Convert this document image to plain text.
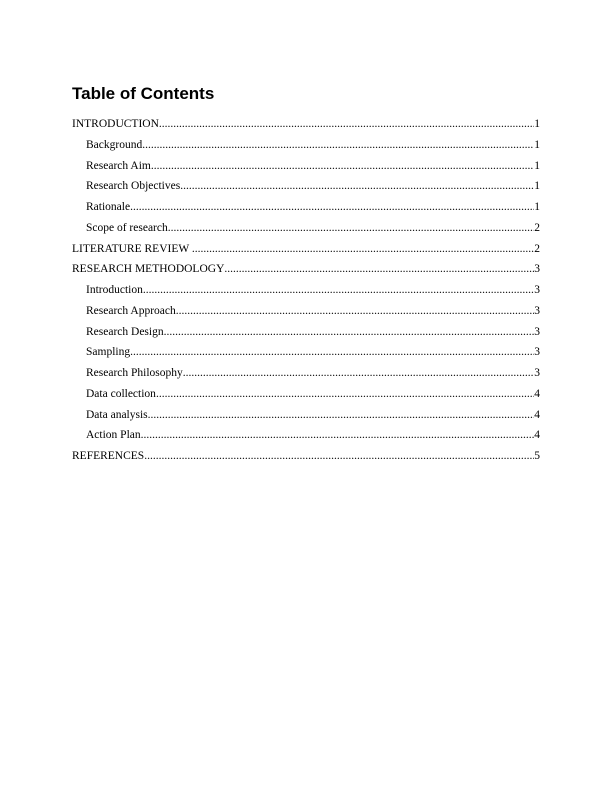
Table of Contents
INTRODUCTION .....	1
Background .....	1
Research Aim .....	1
Research Objectives .....	1
Rationale .....	1
Scope of research .....	2
LITERATURE REVIEW .....	2
RESEARCH METHODOLOGY .....	3
Introduction .....	3
Research Approach .....	3
Research Design .....	3
Sampling .....	3
Research Philosophy .....	3
Data collection .....	4
Data analysis .....	4
Action Plan .....	4
REFERENCES .....	5
